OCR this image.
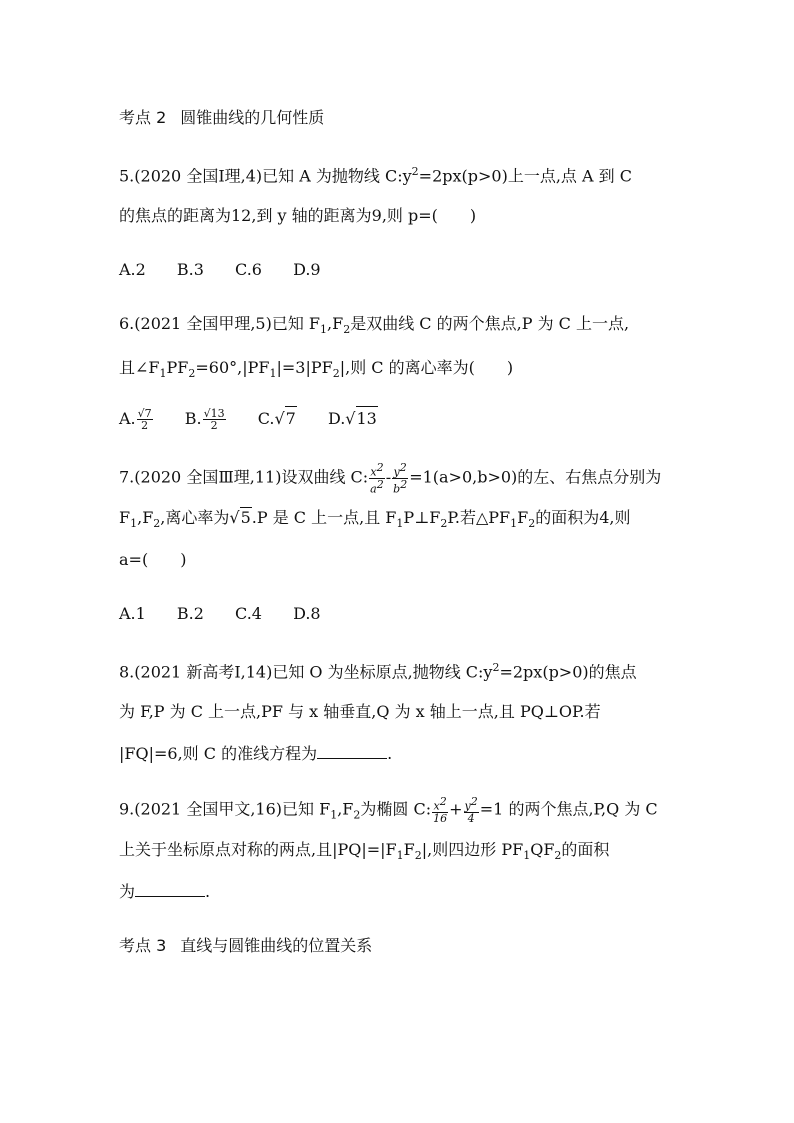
考点 2 圆锥曲线的几何性质
5.(2020 全国Ⅰ理,4)已知 A 为抛物线 $C:y^2=2px(p>0)$上一点,点 A 到 C
的焦点的距离为12,到 y 轴的距离为9,则 p=( )
A.2 B.3 C.6 D.9
6.(2021 全国甲理,5)已知 $F_1,F_2$是双曲线 C 的两个焦点,P 为 C 上一点,
且$\angle F_1PF_2=60^\circ,|PF_1|=3|PF_2|$,则 C 的离心率为( )
A. $\frac{√7}{2} B$. $\frac{√13}{2} C.√7$ D.√13
7.(2020 全国Ⅲ理,11)设双曲线 C: $\frac{x^2}{a^2} - \frac{y^2}{b^2} =1(a>0,b>0)$的左、右焦点分别为
$F_1,F_2$,离心率为√5.P 是 C 上一点,且 $F_1P\perp F_2P$.若$\triangle PF_1F_2$的面积为4,则
a=( )
A.1 B.2 C.4 D.8
8.(2021 新高考Ⅰ,14)已知 O 为坐标原点,抛物线 $C:y^2=2px(p>0)$的焦点
为 F,P 为 C 上一点,PF 与 x 轴垂直,Q 为 x 轴上一点,且 PQ⊥OP.若
|FQ|=6,则 C 的准线方程为	.
9.(2021 全国甲文,16)已知 $F_1,F_2$为椭圆 C: $\frac{x^2}{16} + \frac{y^2}{4} =1$ 的两个焦点,P,Q 为 C
上关于坐标原点对称的两点,且$|PQ|=|F_1F_2|$,则四边形 $PF_1QF_2$的面积
为	.
考点 3 直线与圆锥曲线的位置关系
